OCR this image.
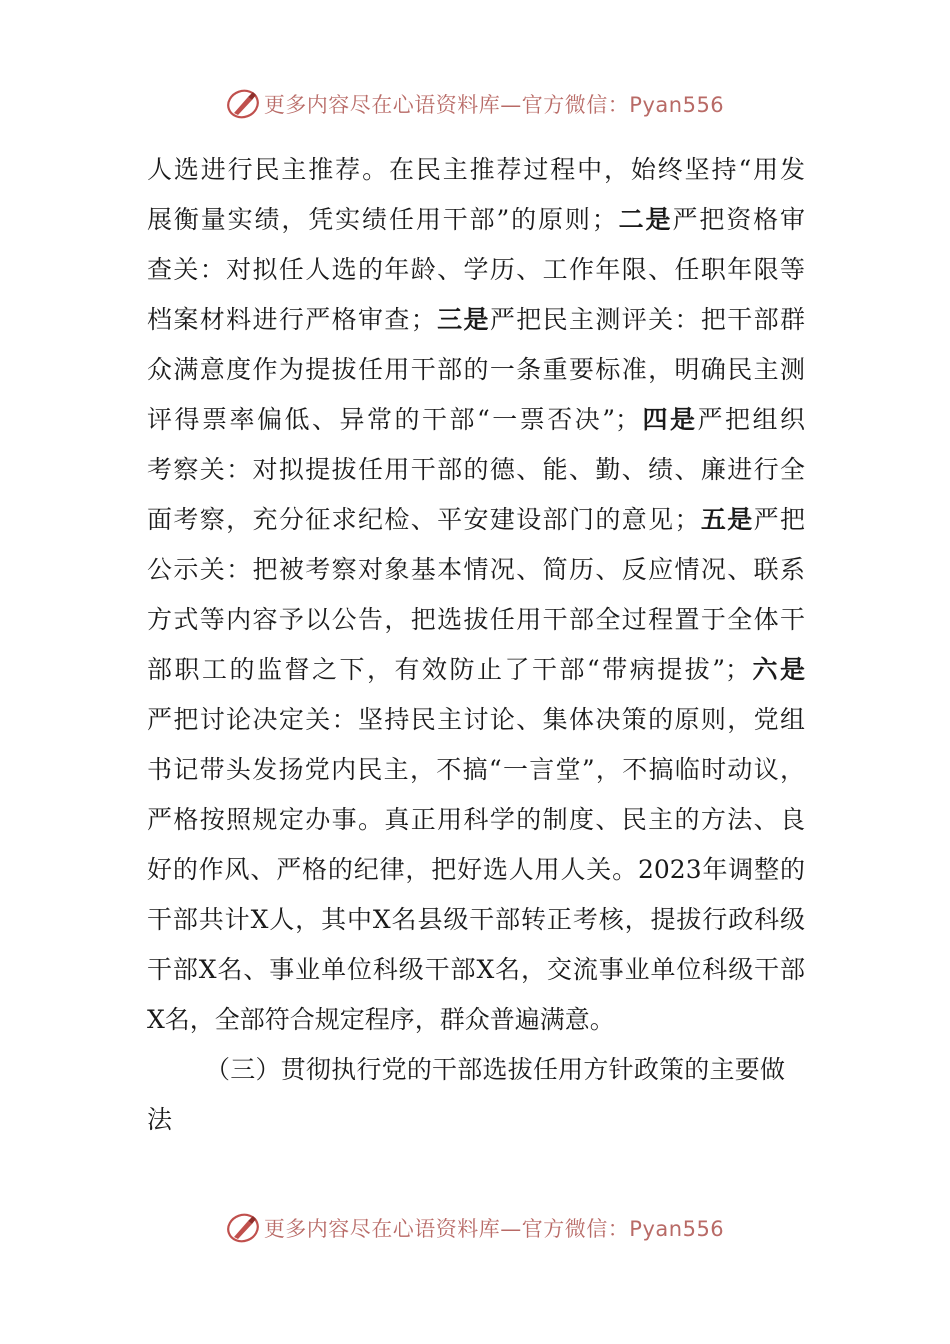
更多内容尽在心语资料库—官方微信：Pyan556
人选进行民主推荐。在民主推荐过程中，始终坚持“用发
展衡量实绩，凭实绩任用干部”的原则；二是严把资格审
查关：对拟任人选的年龄、学历、工作年限、任职年限等
档案材料进行严格审查；三是严把民主测评关：把干部群
众满意度作为提拔任用干部的一条重要标准，明确民主测
评得票率偏低、异常的干部“一票否决”；四是严把组织
考察关：对拟提拔任用干部的德、能、勤、绩、廉进行全
面考察，充分征求纪检、平安建设部门的意见；五是严把
公示关：把被考察对象基本情况、简历、反应情况、联系
方式等内容予以公告，把选拔任用干部全过程置于全体干
部职工的监督之下，有效防止了干部“带病提拔”；六是
严把讨论决定关：坚持民主讨论、集体决策的原则，党组
书记带头发扬党内民主，不搞“一言堂”，不搞临时动议，
严格按照规定办事。真正用科学的制度、民主的方法、良
好的作风、严格的纪律，把好选人用人关。2023年调整的
干部共计X人，其中X名县级干部转正考核，提拔行政科级
干部X名、事业单位科级干部X名，交流事业单位科级干部
X名，全部符合规定程序，群众普遍满意。
（三）贯彻执行党的干部选拔任用方针政策的主要做
法
更多内容尽在心语资料库—官方微信：Pyan556
